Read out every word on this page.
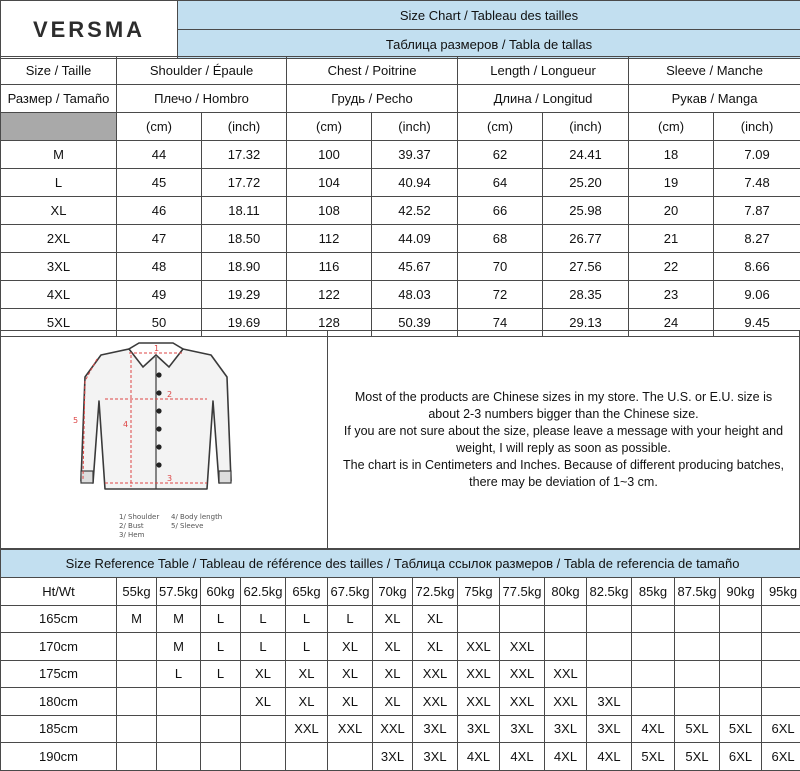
VERSMA	Size Chart / Tableau des tailles
Таблица размеров / Tabla de tallas
Size / Taille	Shoulder / Épaule		Chest / Poitrine		Length / Longueur		Sleeve / Manche	
Размер / Tamaño	Плечо / Hombro		Грудь / Pecho		Длина / Longitud		Рукав / Manga	
	(cm)	(inch)	(cm)	(inch)	(cm)	(inch)	(cm)	(inch)
M	44	17.32	100	39.37	62	24.41	18	7.09
L	45	17.72	104	40.94	64	25.20	19	7.48
XL	46	18.11	108	42.52	66	25.98	20	7.87
2XL	47	18.50	112	44.09	68	26.77	21	8.27
3XL	48	18.90	116	45.67	70	27.56	22	8.66
4XL	49	19.29	122	48.03	72	28.35	23	9.06
5XL	50	19.69	128	50.39	74	29.13	24	9.45
1
2
3
4
5
1/ Shoulder
2/ Bust
3/ Hem
4/ Body length
5/ Sleeve
Most of the products are Chinese sizes in my store. The U.S. or E.U. size is
about 2-3 numbers bigger than the Chinese size.
If you are not sure about the size, please leave a message with your height and
weight, I will reply as soon as possible.
The chart is in Centimeters and Inches. Because of different producing batches,
there may be deviation of 1~3 cm.
Size Reference Table / Tableau de référence des tailles / Таблица ссылок размеров / Tabla de referencia de tamaño																
Ht/Wt	55kg	57.5kg	60kg	62.5kg	65kg	67.5kg	70kg	72.5kg	75kg	77.5kg	80kg	82.5kg	85kg	87.5kg	90kg	95kg
165cm	M	M	L	L	L	L	XL	XL								
170cm		M	L	L	L	XL	XL	XL	XXL	XXL						
175cm		L	L	XL	XL	XL	XL	XXL	XXL	XXL	XXL					
180cm				XL	XL	XL	XL	XXL	XXL	XXL	XXL	3XL				
185cm					XXL	XXL	XXL	3XL	3XL	3XL	3XL	3XL	4XL	5XL	5XL	6XL
190cm							3XL	3XL	4XL	4XL	4XL	4XL	5XL	5XL	6XL	6XL
